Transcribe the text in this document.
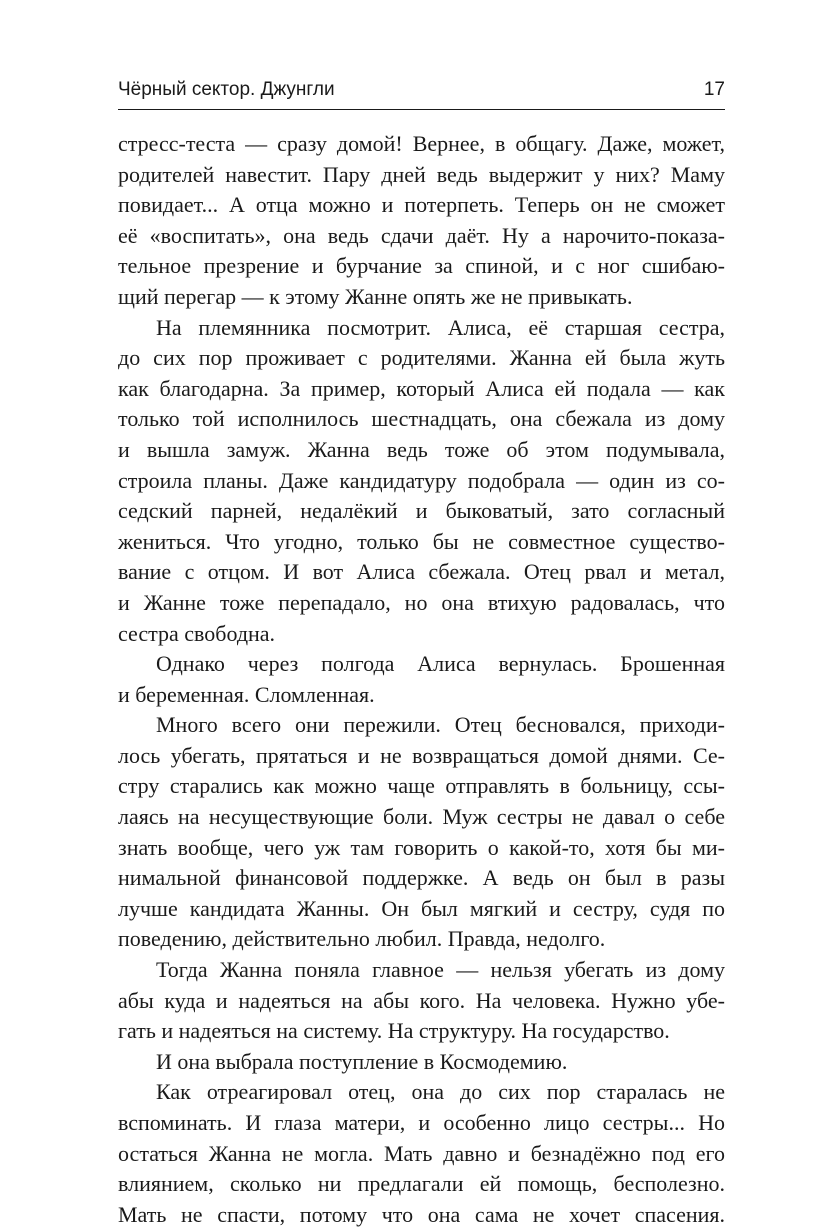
Чёрный сектор. Джунгли	17
стресс-теста — сразу домой! Вернее, в общагу. Даже, может,
родителей навестит. Пару дней ведь выдержит у них? Маму
повидает... А отца можно и потерпеть. Теперь он не сможет
её «воспитать», она ведь сдачи даёт. Ну а нарочито-показа-
тельное презрение и бурчание за спиной, и с ног сшибаю-
щий перегар — к этому Жанне опять же не привыкать.
На племянника посмотрит. Алиса, её старшая сестра,
до сих пор проживает с родителями. Жанна ей была жуть
как благодарна. За пример, который Алиса ей подала — как
только той исполнилось шестнадцать, она сбежала из дому
и вышла замуж. Жанна ведь тоже об этом подумывала,
строила планы. Даже кандидатуру подобрала — один из со-
седский парней, недалёкий и быковатый, зато согласный
жениться. Что угодно, только бы не совместное существо-
вание с отцом. И вот Алиса сбежала. Отец рвал и метал,
и Жанне тоже перепадало, но она втихую радовалась, что
сестра свободна.
Однако через полгода Алиса вернулась. Брошенная
и беременная. Сломленная.
Много всего они пережили. Отец бесновался, приходи-
лось убегать, прятаться и не возвращаться домой днями. Се-
стру старались как можно чаще отправлять в больницу, ссы-
лаясь на несуществующие боли. Муж сестры не давал о себе
знать вообще, чего уж там говорить о какой-то, хотя бы ми-
нимальной финансовой поддержке. А ведь он был в разы
лучше кандидата Жанны. Он был мягкий и сестру, судя по
поведению, действительно любил. Правда, недолго.
Тогда Жанна поняла главное — нельзя убегать из дому
абы куда и надеяться на абы кого. На человека. Нужно убе-
гать и надеяться на систему. На структуру. На государство.
И она выбрала поступление в Космодемию.
Как отреагировал отец, она до сих пор старалась не
вспоминать. И глаза матери, и особенно лицо сестры... Но
остаться Жанна не могла. Мать давно и безнадёжно под его
влиянием, сколько ни предлагали ей помощь, бесполезно.
Мать не спасти, потому что она сама не хочет спасения.
